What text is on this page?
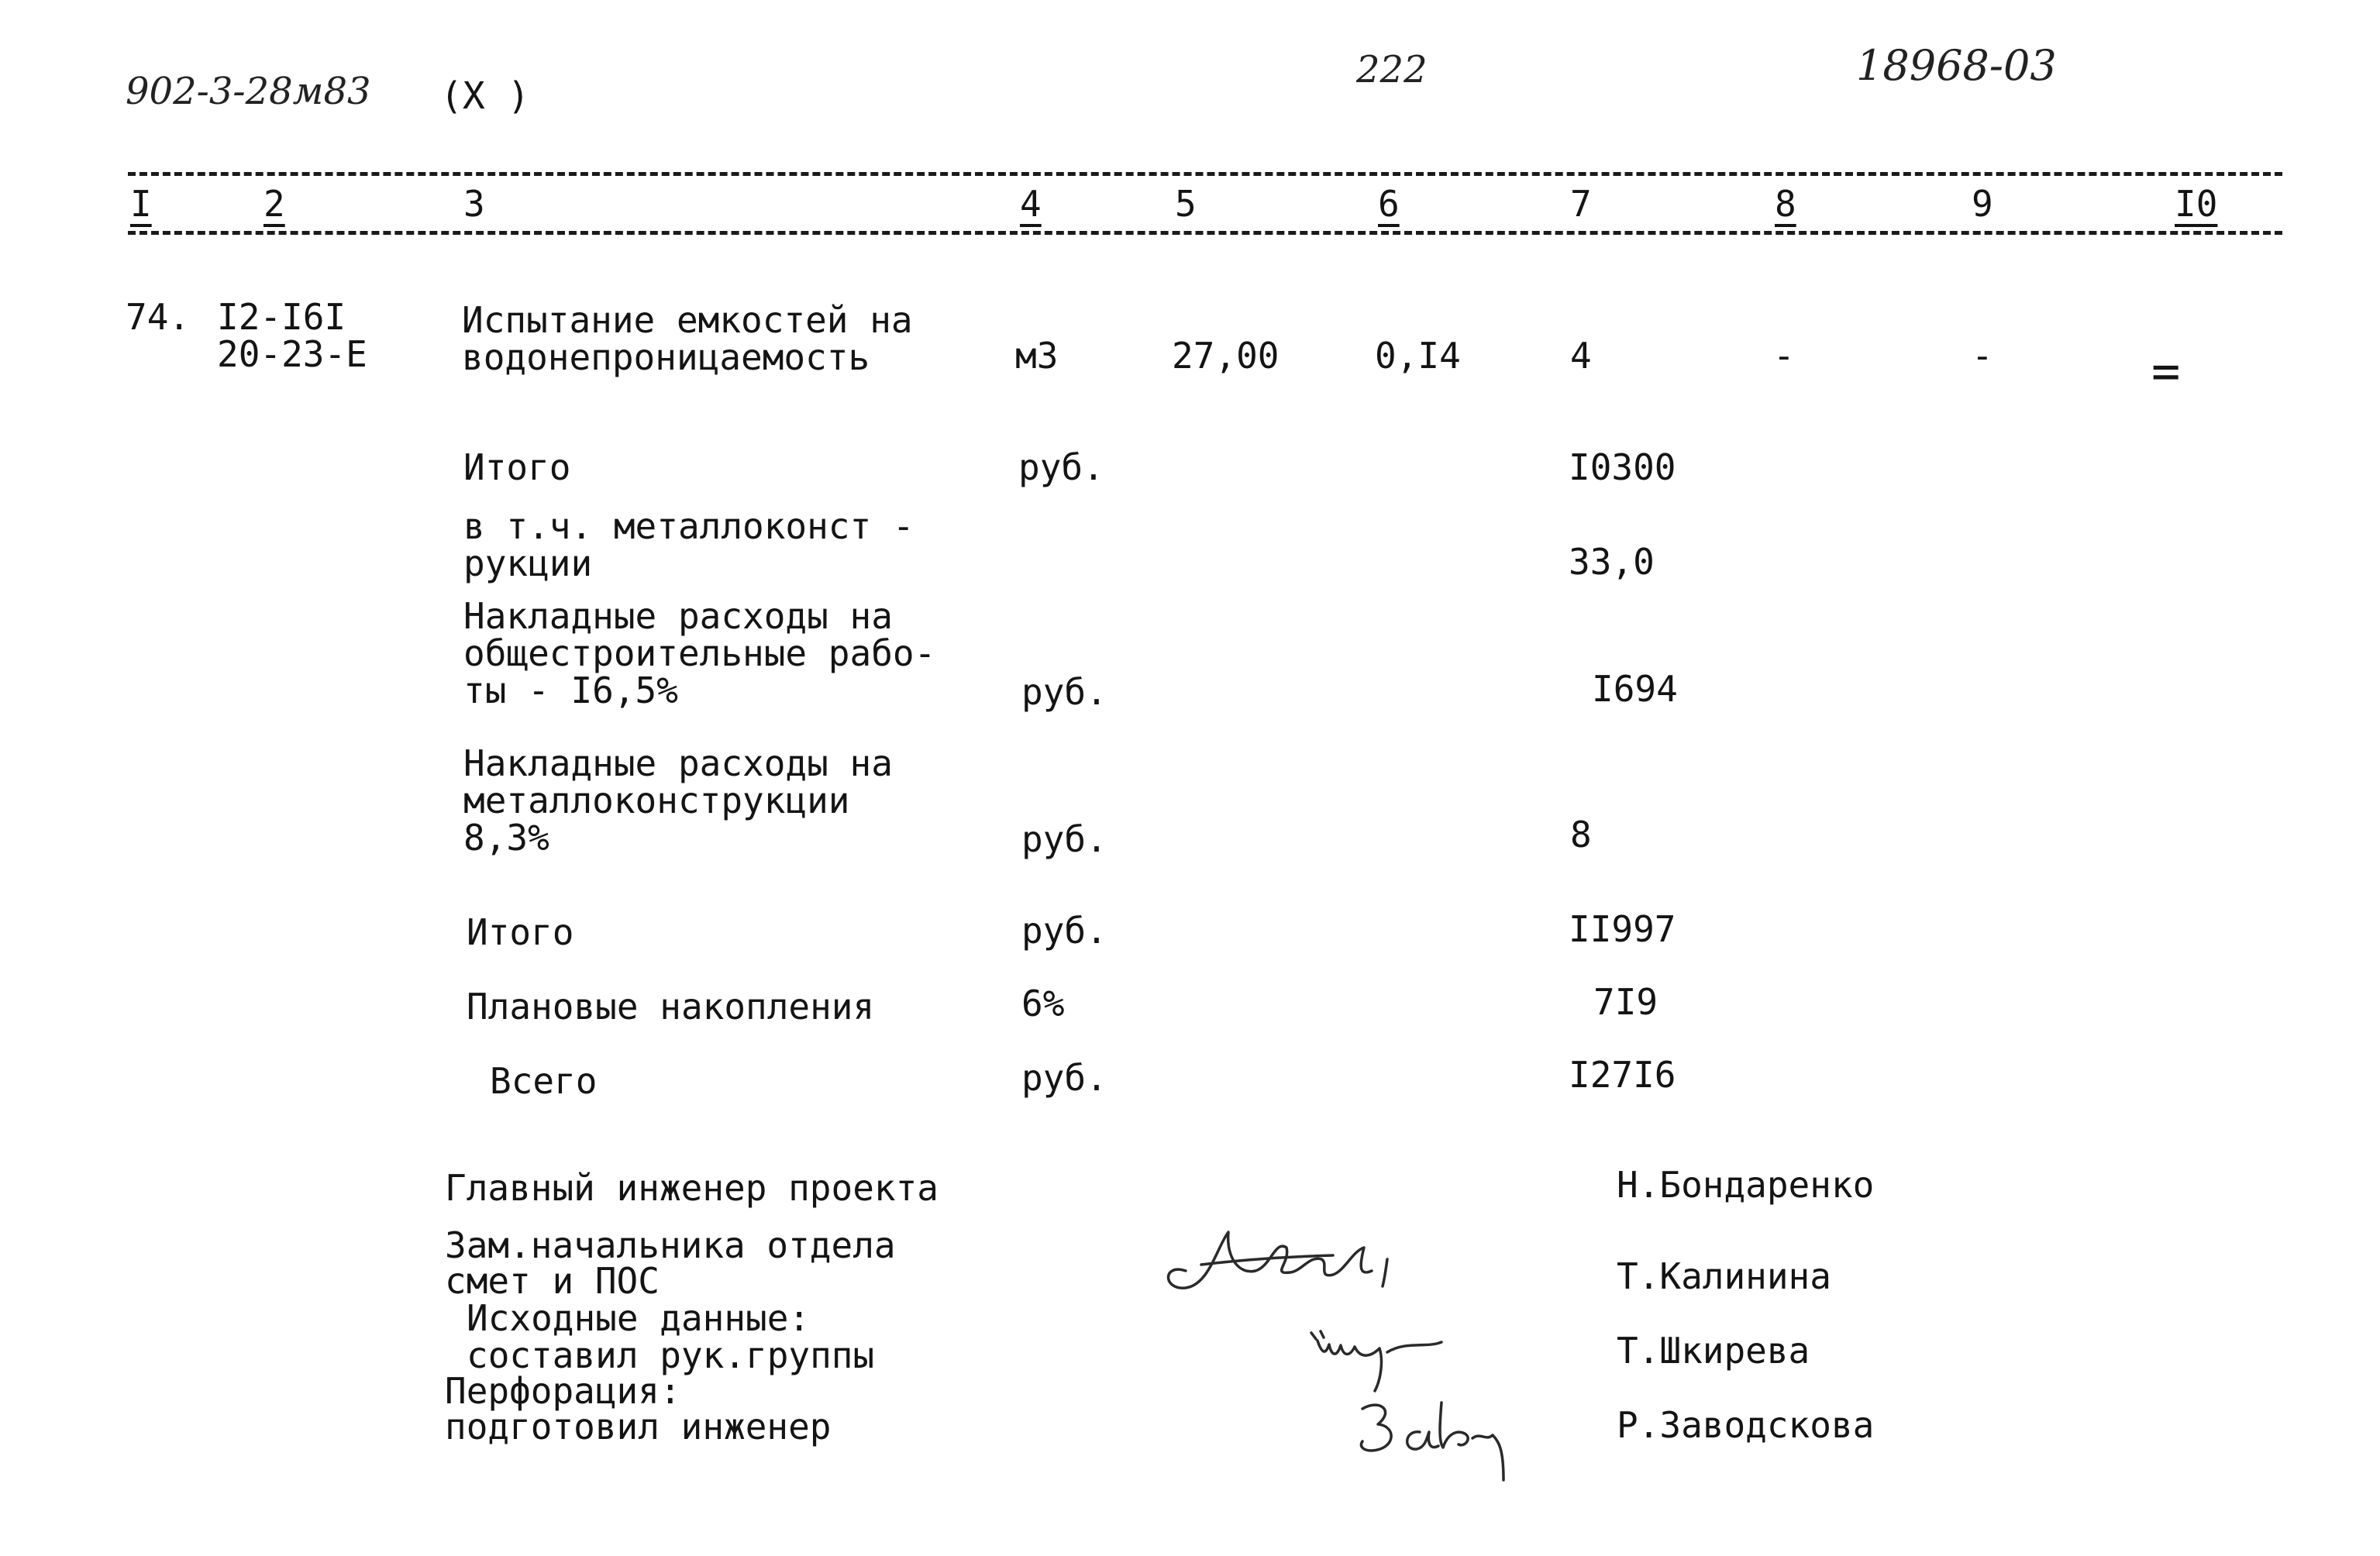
902-3-28м83 (X )
222	18968-03
I	2	3	4	5	6	7	8	9	I0
74. I2-I6I
20-23-Е
Испытание емкостей на
водонепроницаемость	м3	27,00	0,I4	4	-	-	=
Итого	руб.	I0300
в т.ч. металлоконст -
рукции	33,0
Накладные расходы на
общестроительные рабо-
ты - I6,5%	руб.	I694
Накладные расходы на
металлоконструкции
8,3%	руб.	8
Итого	руб.	II997
Плановые накопления	6%	7I9
Всего	руб.	I27I6
Главный инженер проекта	Н.Бондаренко
Зам.начальника отдела
смет и ПОС	Т.Калинина
Исходные данные:
составил рук.группы	Т.Шкирева
Перфорация:
подготовил инженер	Р.Заводскова
